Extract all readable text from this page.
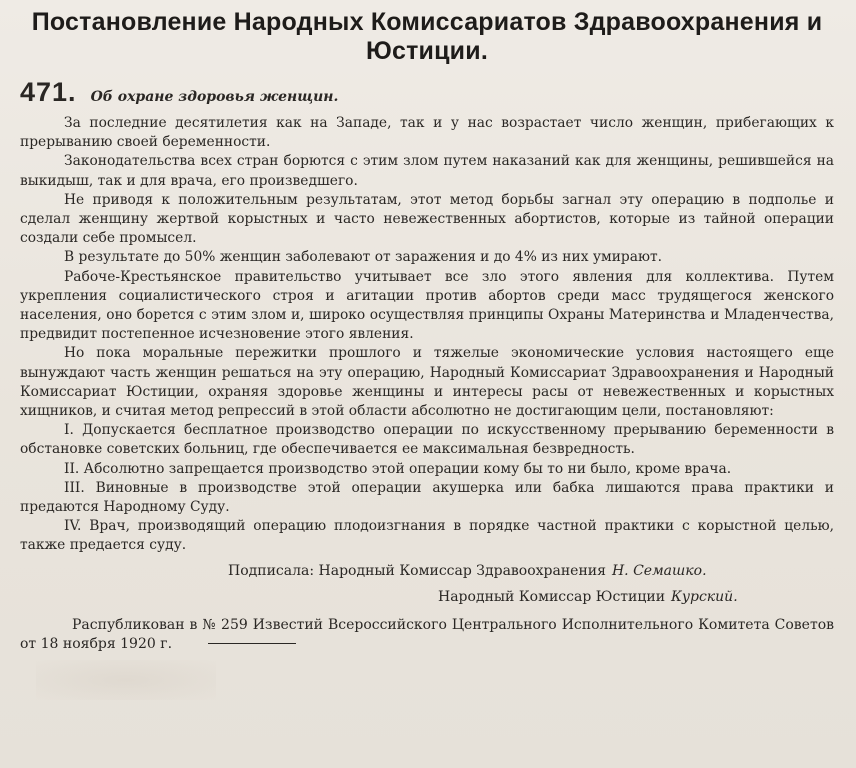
Постановление Народных Комиссариатов Здравоохранения и
Юстиции.
471. Об охране здоровья женщин.

За последние десятилетия как на Западе, так и у нас возрастает число женщин, прибегающих к прерыванию своей беременности.

Законодательства всех стран борются с этим злом путем наказаний как для женщины, решившейся на выкидыш, так и для врача, его произведшего.

Не приводя к положительным результатам, этот метод борьбы загнал эту операцию в подполье и сделал женщину жертвой корыстных и часто невежественных абортистов, которые из тайной операции создали себе промысел.

В результате до 50% женщин заболевают от заражения и до 4% из них умирают.

Рабоче-Крестьянское правительство учитывает все зло этого явления для коллектива. Путем укрепления социалистического строя и агитации против абортов среди масс трудящегося женского населения, оно борется с этим злом и, широко осуществляя принципы Охраны Материнства и Младенчества, предвидит постепенное исчезновение этого явления.

Но пока моральные пережитки прошлого и тяжелые экономические условия настоящего еще вынуждают часть женщин решаться на эту операцию, Народный Комиссариат Здравоохранения и Народный Комиссариат Юстиции, охраняя здоровье женщины и интересы расы от невежественных и корыстных хищников, и считая метод репрессий в этой области абсолютно не достигающим цели, постановляют:

I. Допускается бесплатное производство операции по искусственному прерыванию беременности в обстановке советских больниц, где обеспечивается ее максимальная безвредность.

II. Абсолютно запрещается производство этой операции кому бы то ни было, кроме врача.

III. Виновные в производстве этой операции акушерка или бабка лишаются права практики и предаются Народному Суду.

IV. Врач, производящий операцию плодоизгнания в порядке частной практики с корыстной целью, также предается суду.

Подписала: Народный Комиссар Здравоохранения Н. Семашко.
Народный Комиссар Юстиции Курский.
Распубликован в № 259 Известий Всероссийского Центрального Исполнительного Комитета Советов от 18 ноября 1920 г.
